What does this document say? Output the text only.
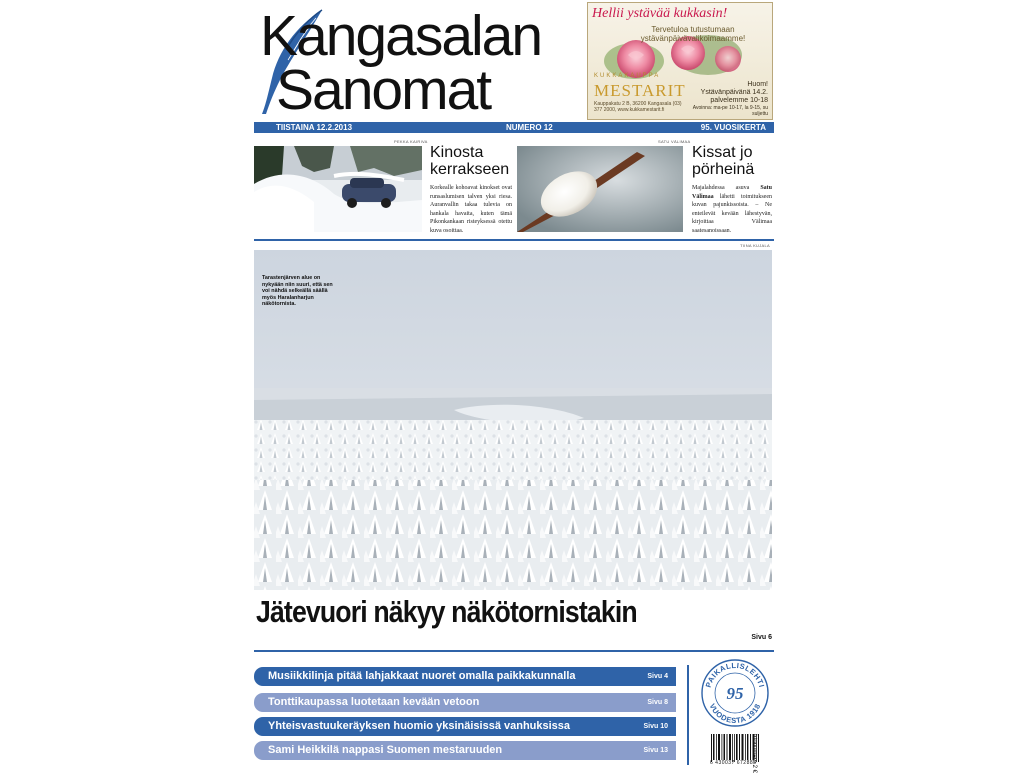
Kangasalan
Sanomat
Hellii ystävää kukkasin!
Tervetuloa tutustumaan ystävänpäivävalikoimaamme!
KUKKAKAUPPA
MESTARIT
Kauppakatu 2 B, 36200 Kangasala (03) 377 2000, www.kukkamestarit.fi
Huom!
Ystävänpäivänä 14.2. palvelemme 10-18
Avoinna: ma-pe 10-17, la 9-15, su suljettu
TIISTAINA 12.2.2013	NUMERO 12	95. VUOSIKERTA
PEKKA KAIRIVA
Kinosta
kerrakseen
Korkealle kohoavat kinokset ovat runsaslumisen talven yksi riesa. Auranvallin takaa tulevia on hankala havaita, kuten tämä Pikonkankaan risteyksessä otettu kuva osoittaa.
SATU VÄLIMAA
Kissat jo
pörheinä
Majalahdessa asuva Satu Välimaa lähetti toimitukseen kuvan pajunkissoista. – Ne enteilevät kevään lähestyvän, kirjoittaa Välimaa saatesanoissaan.
TIINA KUJALA
Tarastenjärven alue on nykyään niin suuri, että sen voi nähdä selkeällä säällä myös Haralanharjun näkötornista.
Jätevuori näkyy näkötornistakin
Sivu 6
Musiikkilinja pitää lahjakkaat nuoret omalla paikkakunnalla	Sivu 4
Tonttikaupassa luotetaan kevään vetoon	Sivu 8
Yhteisvastuukeräyksen huomio yksinäisissä vanhuksissa	Sivu 10
Sami Heikkilä nappasi Suomen mestaruuden	Sivu 13
PAIKALLISLEHTI
VUODESTA 1918
95
6 430037 672883
Irtonumero 2 €
